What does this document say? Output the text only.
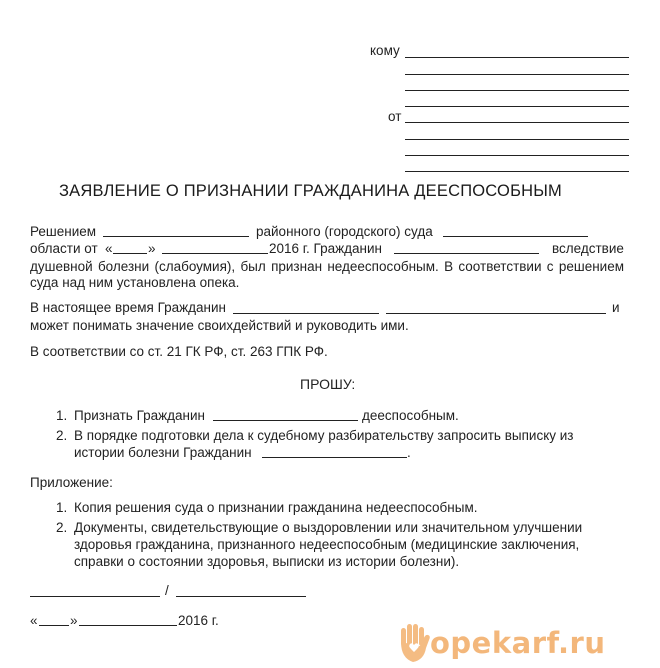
кому
от
ЗАЯВЛЕНИЕ О ПРИЗНАНИИ ГРАЖДАНИНА ДЕЕСПОСОБНЫМ
Решением	районного (городского) суда
области от «	»	2016 г. Гражданин	вследствие
душевной болезни (слабоумия), был признан недееспособным. В соответствии с решением
суда над ним установлена опека.
В настоящее время Гражданин	и
может понимать значение своихдействий и руководить ими.
В соответствии со ст. 21 ГК РФ, ст. 263 ГПК РФ.
ПРОШУ:
1. Признать Гражданин	дееспособным.
2. В порядке подготовки дела к судебному разбирательству запросить выписку из
истории болезни Гражданин	.
Приложение:
1. Копия решения суда о признании гражданина недееспособным.
2. Документы, свидетельствующие о выздоровлении или значительном улучшении
здоровья гражданина, признанного недееспособным (медицинские заключения,
справки о состоянии здоровья, выписки из истории болезни).
/
« »	2016 г.
opekarf.ru
